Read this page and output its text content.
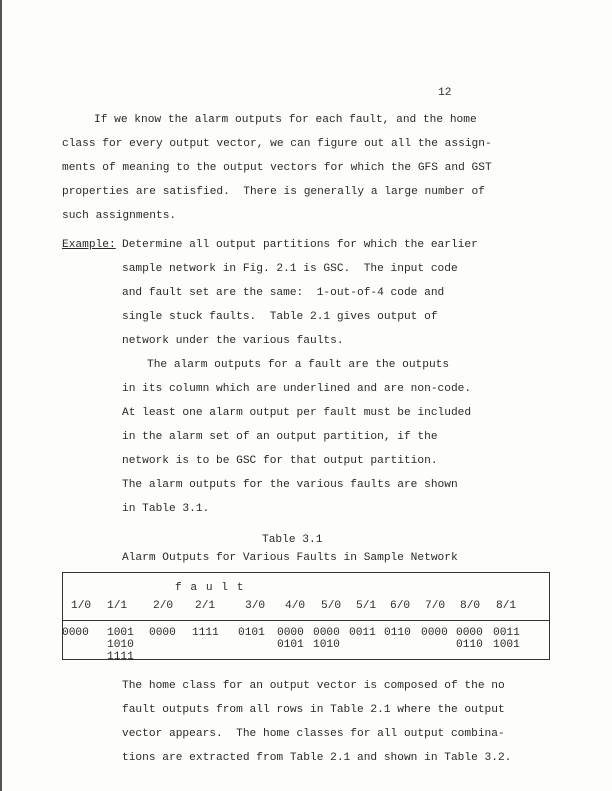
12
If we know the alarm outputs for each fault, and the home
class for every output vector, we can figure out all the assign-
ments of meaning to the output vectors for which the GFS and GST
properties are satisfied.  There is generally a large number of
such assignments.
Example: Determine all output partitions for which the earlier
sample network in Fig. 2.1 is GSC.  The input code
and fault set are the same:  1-out-of-4 code and
single stuck faults.  Table 2.1 gives output of
network under the various faults.
The alarm outputs for a fault are the outputs
in its column which are underlined and are non-code.
At least one alarm output per fault must be included
in the alarm set of an output partition, if the
network is to be GSC for that output partition.
The alarm outputs for the various faults are shown
in Table 3.1.
Table 3.1
Alarm Outputs for Various Faults in Sample Network
f a u l t
1/0
0000
1/1
1001
1010
1111
2/0
0000
2/1
1111
3/0
0101
4/0
0000
0101
5/0
0000
1010
5/1
0011
6/0
0110
7/0
0000
8/0
0000
0110
8/1
0011
1001
The home class for an output vector is composed of the no
fault outputs from all rows in Table 2.1 where the output
vector appears.  The home classes for all output combina-
tions are extracted from Table 2.1 and shown in Table 3.2.
